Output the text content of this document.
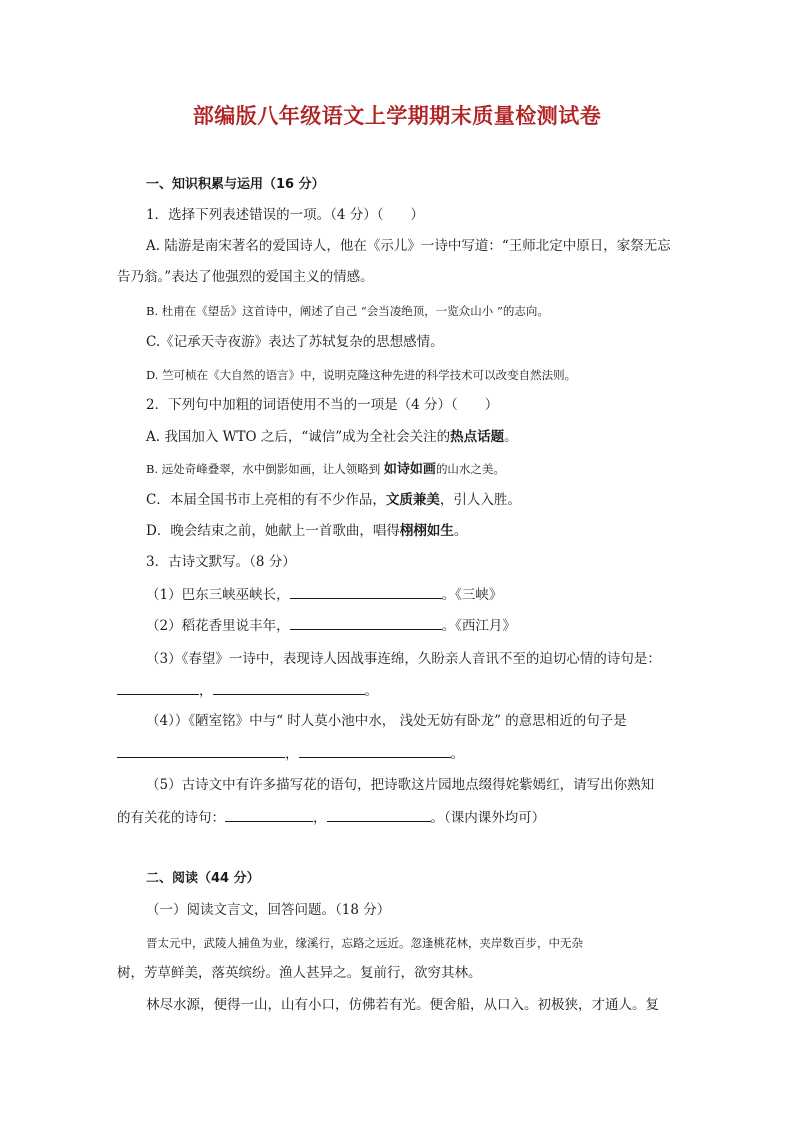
部编版八年级语文上学期期末质量检测试卷
一、知识积累与运用（16 分）
1．选择下列表述错误的一项。（4 分）（　　）
A. 陆游是南宋著名的爱国诗人，他在《示儿》一诗中写道：“王师北定中原日，家祭无忘
告乃翁。”表达了他强烈的爱国主义的情感。
B. 杜甫在《望岳》这首诗中，阐述了自己 “会当凌绝顶，一览众山小 ”的志向。
C.《记承天寺夜游》表达了苏轼复杂的思想感情。
D. 竺可桢在《大自然的语言》中，说明克隆这种先进的科学技术可以改变自然法则。
2．下列句中加粗的词语使用不当的一项是（4 分）（　　）
A. 我国加入 WTO 之后，“诚信”成为全社会关注的热点话题。
B. 远处奇峰叠翠，水中倒影如画，让人领略到 如诗如画的山水之美。
C．本届全国书市上亮相的有不少作品，文质兼美，引人入胜。
D．晚会结束之前，她献上一首歌曲，唱得栩栩如生。
3．古诗文默写。（8 分）
（1）巴东三峡巫峡长，	。《三峡》
（2）稻花香里说丰年，	。《西江月》
（3）《春望》一诗中，表现诗人因战事连绵，久盼亲人音讯不至的迫切心情的诗句是：
，	。
（4））《陋室铭》中与“ 时人莫小池中水， 浅处无妨有卧龙” 的意思相近的句子是
，	。
（5）古诗文中有许多描写花的语句，把诗歌这片园地点缀得姹紫嫣红，请写出你熟知
的有关花的诗句：	，	。（课内课外均可）
二、阅读（44 分）
（一）阅读文言文，回答问题。（18 分）
晋太元中，武陵人捕鱼为业，缘溪行，忘路之远近。忽逢桃花林，夹岸数百步，中无杂
树，芳草鲜美，落英缤纷。渔人甚异之。复前行，欲穷其林。
林尽水源，便得一山，山有小口，仿佛若有光。便舍船，从口入。初极狭，才通人。复
